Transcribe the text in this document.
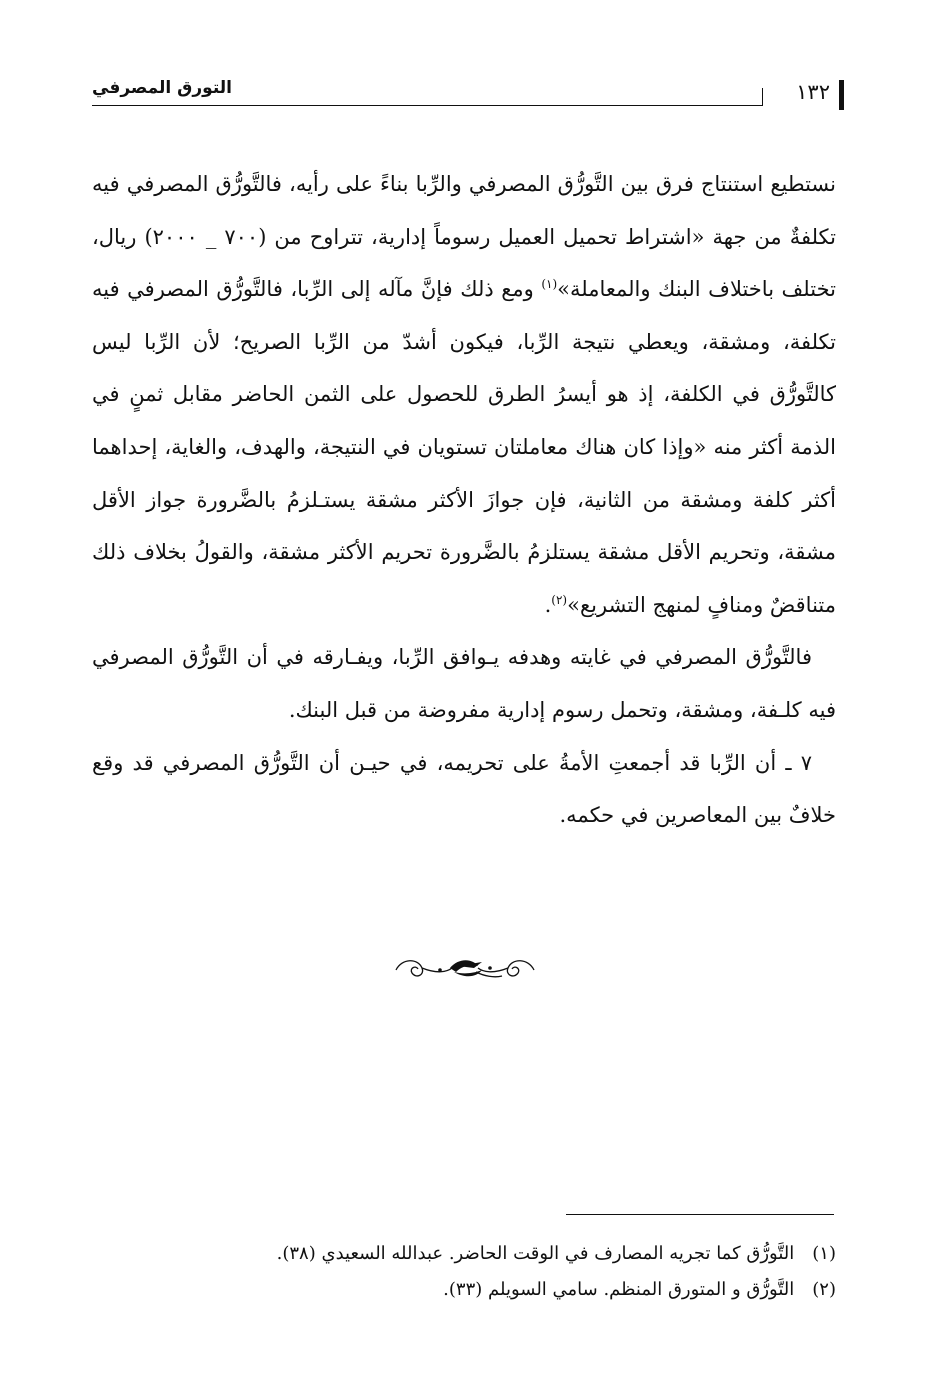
التورق المصرفي	١٣٢

نستطيع استنتاج فرق بين التَّورُّق المصرفي والرِّبا بناءً على رأيه، فالتَّورُّق المصرفي فيه تكلفةٌ من جهة «اشتراط تحميل العميل رسوماً إدارية، تتراوح من (٧٠٠ _ ٢٠٠٠) ريال، تختلف باختلاف البنك والمعاملة»$^{(١)}$ ومع ذلك فإنَّ مآله إلى الرِّبا، فالتَّورُّق المصرفي فيه تكلفة، ومشقة، ويعطي نتيجة الرِّبا، فيكون أشدّ من الرِّبا الصريح؛ لأن الرِّبا ليس كالتَّورُّق في الكلفة، إذ هو أيسرُ الطرق للحصول على الثمن الحاضر مقابل ثمنٍ في الذمة أكثر منه «وإذا كان هناك معاملتان تستويان في النتيجة، والهدف، والغاية، إحداهما أكثر كلفة ومشقة من الثانية، فإن جوازَ الأكثر مشقة يستـلزمُ بالضَّرورة جواز الأقل مشقة، وتحريم الأقل مشقة يستلزمُ بالضَّرورة تحريم الأكثر مشقة، والقولُ بخلاف ذلك متناقضٌ ومنافٍ لمنهج التشريع»$^{(٢)}$.

فالتَّورُّق المصرفي في غايته وهدفه يـوافق الرِّبا، ويفـارقه في أن التَّورُّق المصرفي فيه كلـفة، ومشقة، وتحمل رسوم إدارية مفروضة من قبل البنك.

٧ ـ أن الرِّبا قد أجمعتِ الأمةُ على تحريمه، في حيـن أن التَّورُّق المصرفي قد وقع خلافٌ بين المعاصرين في حكمه.

(١) التَّورُّق كما تجريه المصارف في الوقت الحاضر. عبدالله السعيدي (٣٨).
(٢) التَّورُّق و المتورق المنظم. سامي السويلم (٣٣).
